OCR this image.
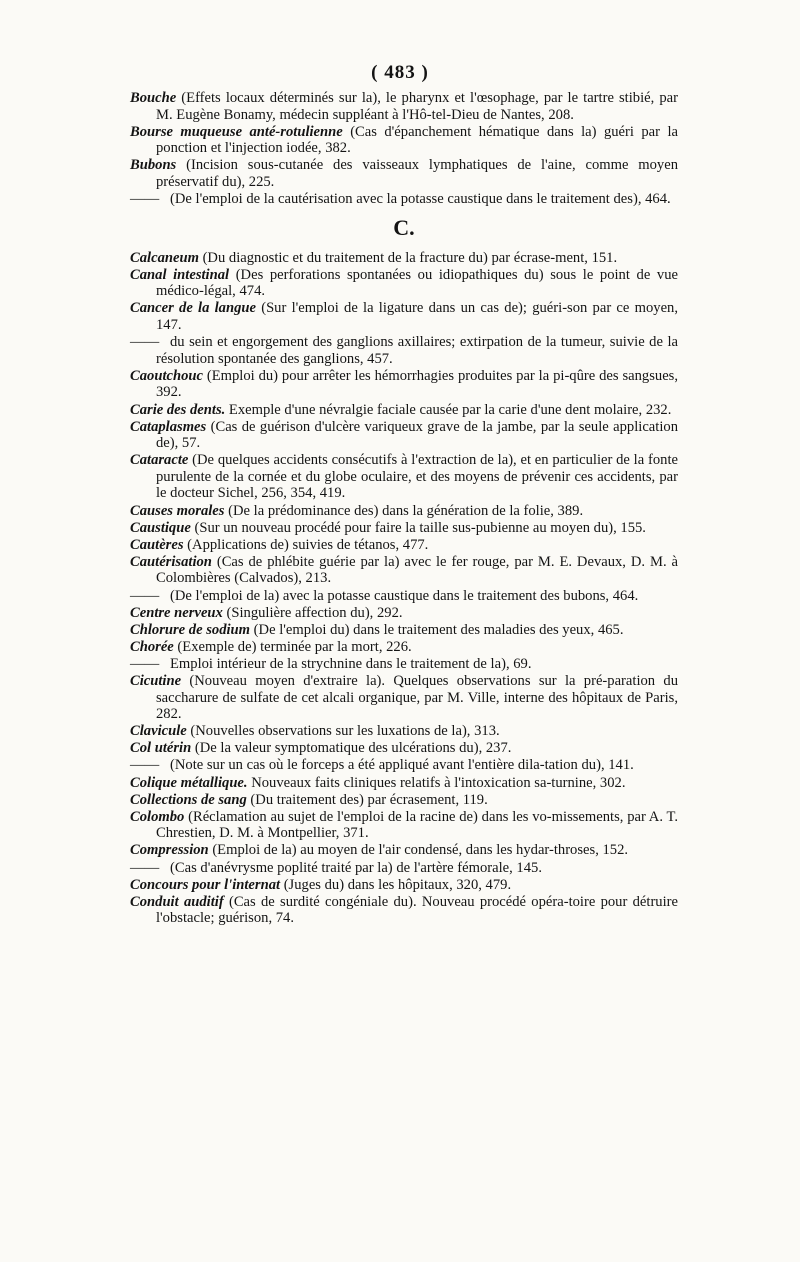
( 483 )

Bouche (Effets locaux déterminés sur la), le pharynx et l'œsophage, par le tartre stibié, par M. Eugène Bonamy, médecin suppléant à l'Hô-tel-Dieu de Nantes, 208.

Bourse muqueuse anté-rotulienne (Cas d'épanchement hématique dans la) guéri par la ponction et l'injection iodée, 382.

Bubons (Incision sous-cutanée des vaisseaux lymphatiques de l'aine, comme moyen préservatif du), 225.

—— (De l'emploi de la cautérisation avec la potasse caustique dans le traitement des), 464.

C.

Calcaneum (Du diagnostic et du traitement de la fracture du) par écrase-ment, 151.

Canal intestinal (Des perforations spontanées ou idiopathiques du) sous le point de vue médico-légal, 474.

Cancer de la langue (Sur l'emploi de la ligature dans un cas de); guéri-son par ce moyen, 147.

—— du sein et engorgement des ganglions axillaires; extirpation de la tumeur, suivie de la résolution spontanée des ganglions, 457.

Caoutchouc (Emploi du) pour arrêter les hémorrhagies produites par la pi-qûre des sangsues, 392.

Carie des dents. Exemple d'une névralgie faciale causée par la carie d'une dent molaire, 232.

Cataplasmes (Cas de guérison d'ulcère variqueux grave de la jambe, par la seule application de), 57.

Cataracte (De quelques accidents consécutifs à l'extraction de la), et en particulier de la fonte purulente de la cornée et du globe oculaire, et des moyens de prévenir ces accidents, par le docteur Sichel, 256, 354, 419.

Causes morales (De la prédominance des) dans la génération de la folie, 389.

Caustique (Sur un nouveau procédé pour faire la taille sus-pubienne au moyen du), 155.

Cautères (Applications de) suivies de tétanos, 477.

Cautérisation (Cas de phlébite guérie par la) avec le fer rouge, par M. E. Devaux, D. M. à Colombières (Calvados), 213.

—— (De l'emploi de la) avec la potasse caustique dans le traitement des bubons, 464.

Centre nerveux (Singulière affection du), 292.

Chlorure de sodium (De l'emploi du) dans le traitement des maladies des yeux, 465.

Chorée (Exemple de) terminée par la mort, 226.

—— Emploi intérieur de la strychnine dans le traitement de la), 69.

Cicutine (Nouveau moyen d'extraire la). Quelques observations sur la pré-paration du saccharure de sulfate de cet alcali organique, par M. Ville, interne des hôpitaux de Paris, 282.

Clavicule (Nouvelles observations sur les luxations de la), 313.

Col utérin (De la valeur symptomatique des ulcérations du), 237.

—— (Note sur un cas où le forceps a été appliqué avant l'entière dila-tation du), 141.

Colique métallique. Nouveaux faits cliniques relatifs à l'intoxication sa-turnine, 302.

Collections de sang (Du traitement des) par écrasement, 119.

Colombo (Réclamation au sujet de l'emploi de la racine de) dans les vo-missements, par A. T. Chrestien, D. M. à Montpellier, 371.

Compression (Emploi de la) au moyen de l'air condensé, dans les hydar-throses, 152.

—— (Cas d'anévrysme poplité traité par la) de l'artère fémorale, 145.

Concours pour l'internat (Juges du) dans les hôpitaux, 320, 479.

Conduit auditif (Cas de surdité congéniale du). Nouveau procédé opéra-toire pour détruire l'obstacle; guérison, 74.
